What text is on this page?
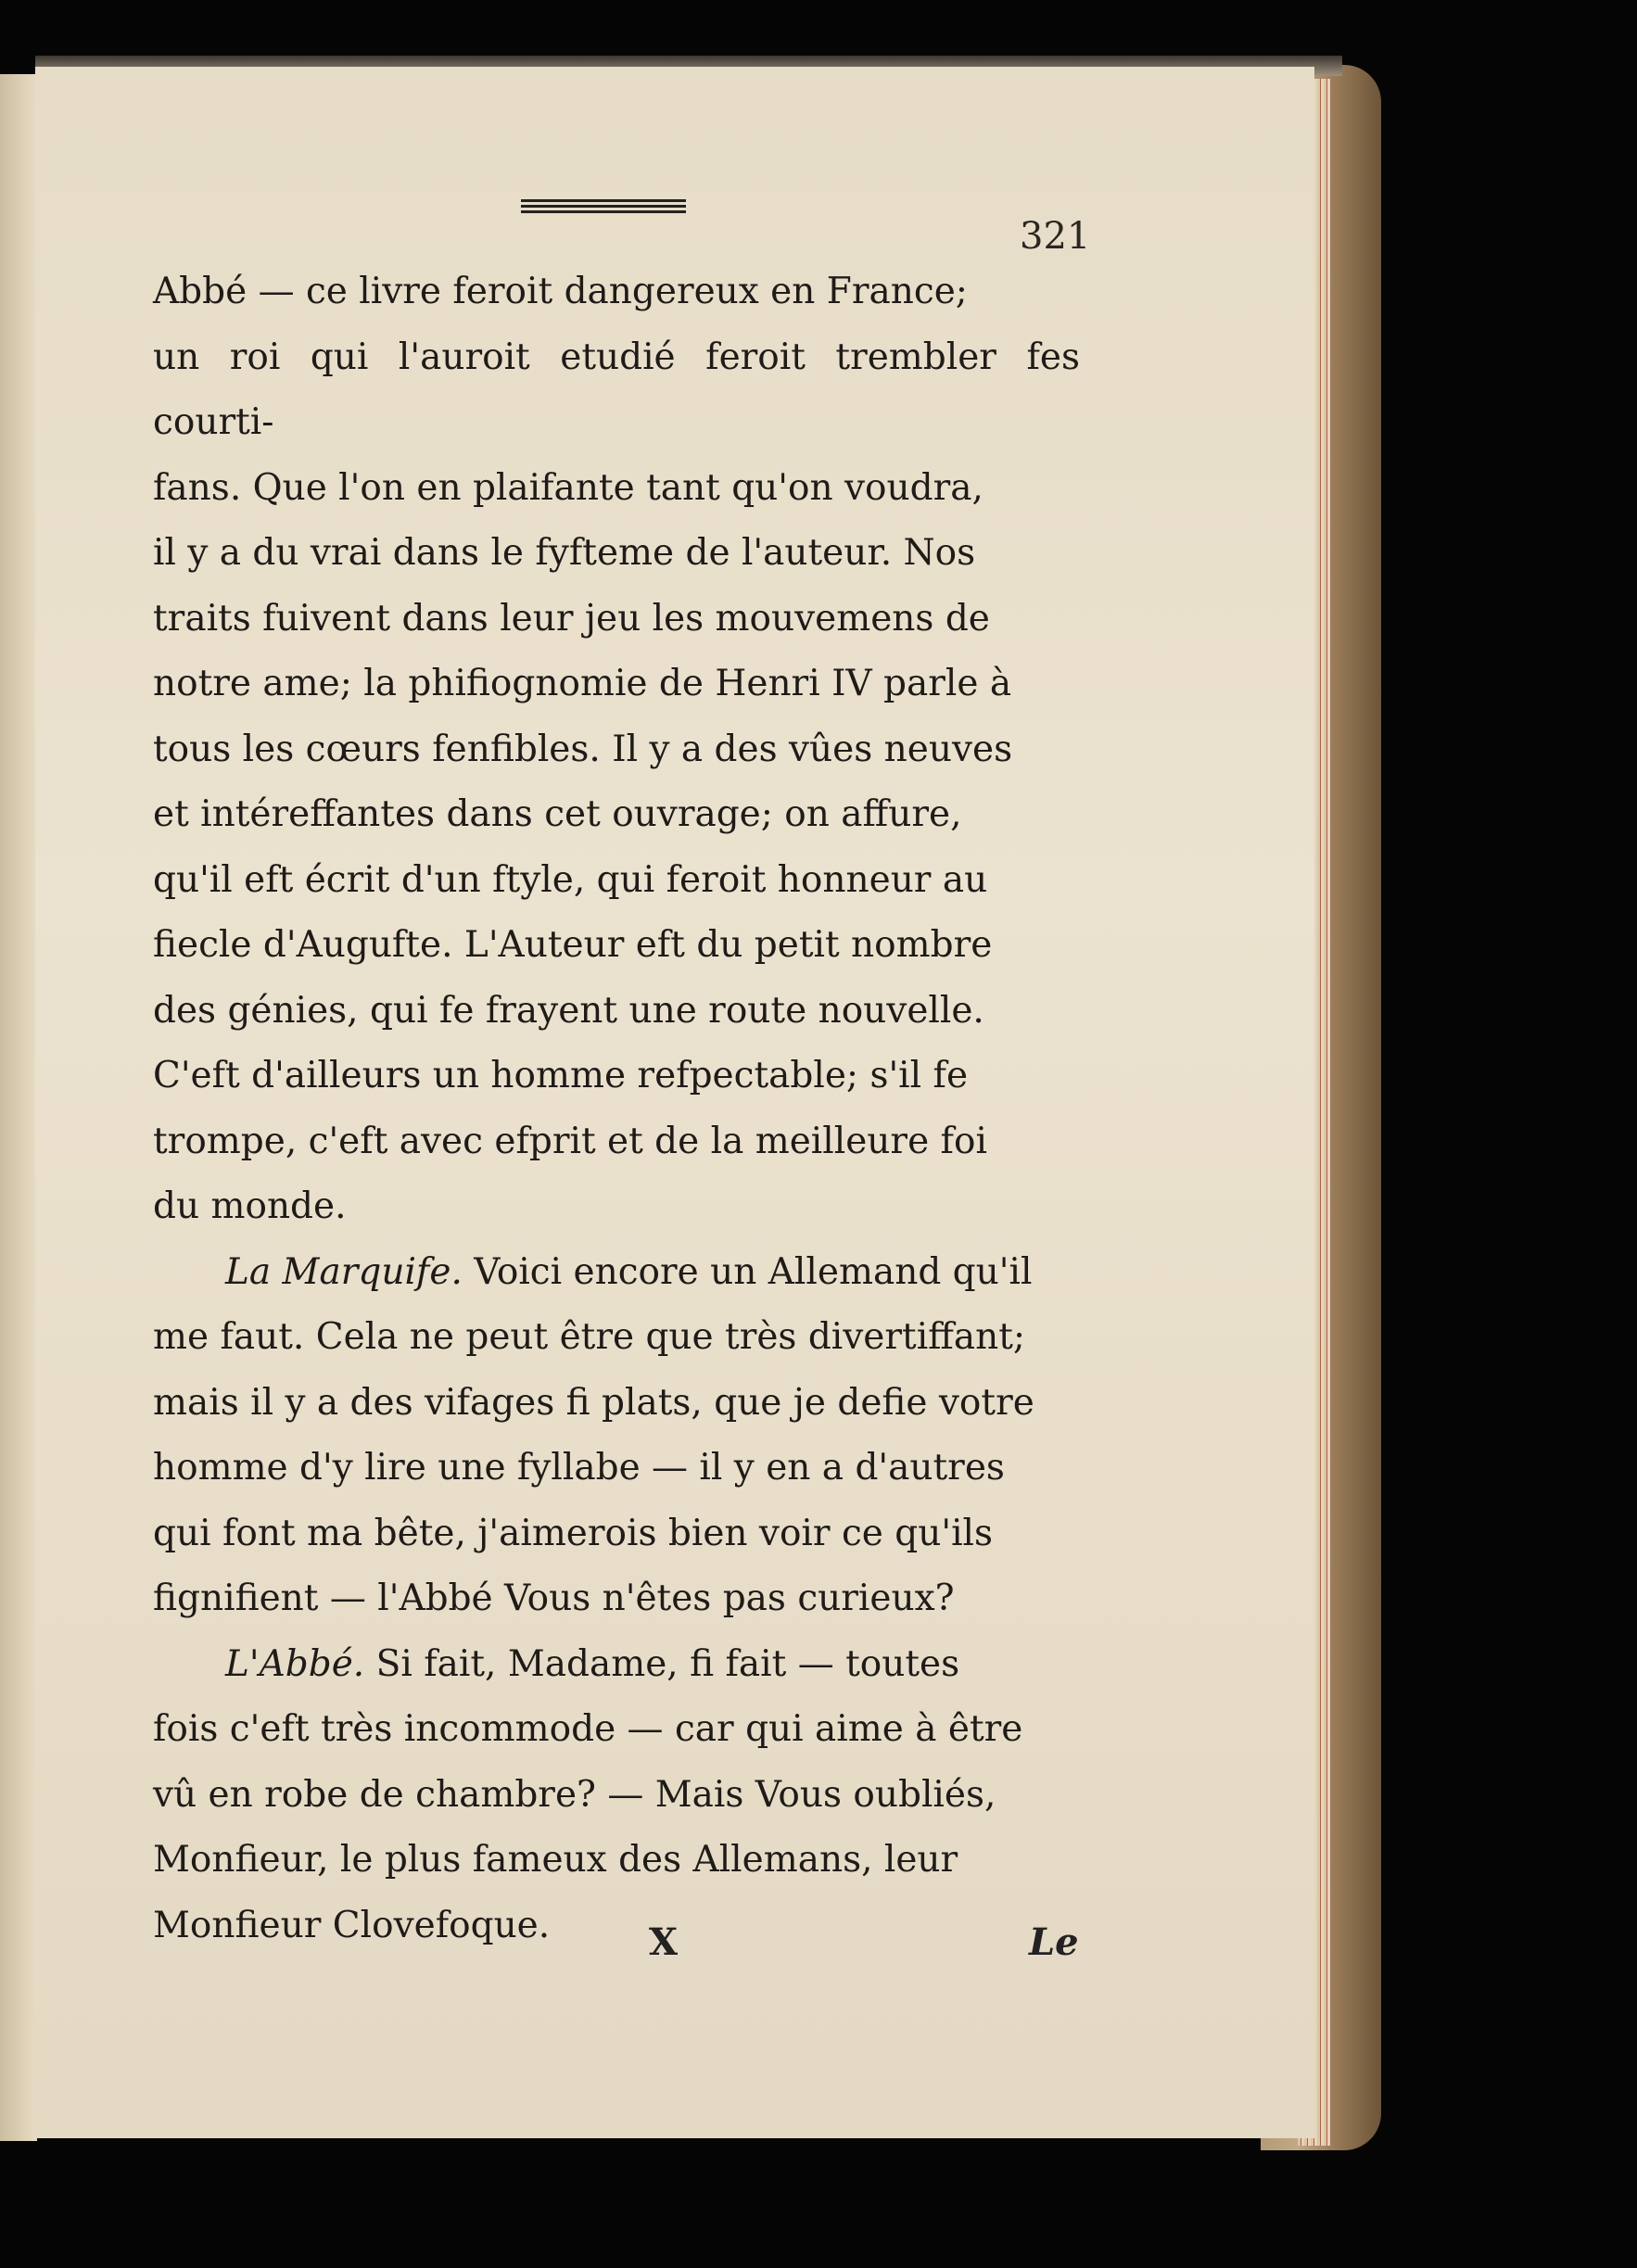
321

Abbé — ce livre feroit dangereux en France;
un roi qui l'auroit etudié feroit trembler fes courti-
fans. Que l'on en plaifante tant qu'on voudra,
il y a du vrai dans le fyfteme de l'auteur. Nos
traits fuivent dans leur jeu les mouvemens de
notre ame; la phifiognomie de Henri IV parle à
tous les cœurs fenfibles. Il y a des vûes neuves
et intéreffantes dans cet ouvrage; on affure,
qu'il eft écrit d'un ftyle, qui feroit honneur au
fiecle d'Augufte. L'Auteur eft du petit nombre
des génies, qui fe frayent une route nouvelle.
C'eft d'ailleurs un homme refpectable; s'il fe
trompe, c'eft avec efprit et de la meilleure foi
du monde.

La Marquife. Voici encore un Allemand qu'il
me faut. Cela ne peut être que très divertiffant;
mais il y a des vifages fi plats, que je defie votre
homme d'y lire une fyllabe — il y en a d'autres
qui font ma bête, j'aimerois bien voir ce qu'ils
fignifient — l'Abbé Vous n'êtes pas curieux?

L'Abbé. Si fait, Madame, fi fait — toutes
fois c'eft très incommode — car qui aime à être
vû en robe de chambre? — Mais Vous oubliés,
Monfieur, le plus fameux des Allemans, leur
Monfieur Clovefoque.	X	Le
